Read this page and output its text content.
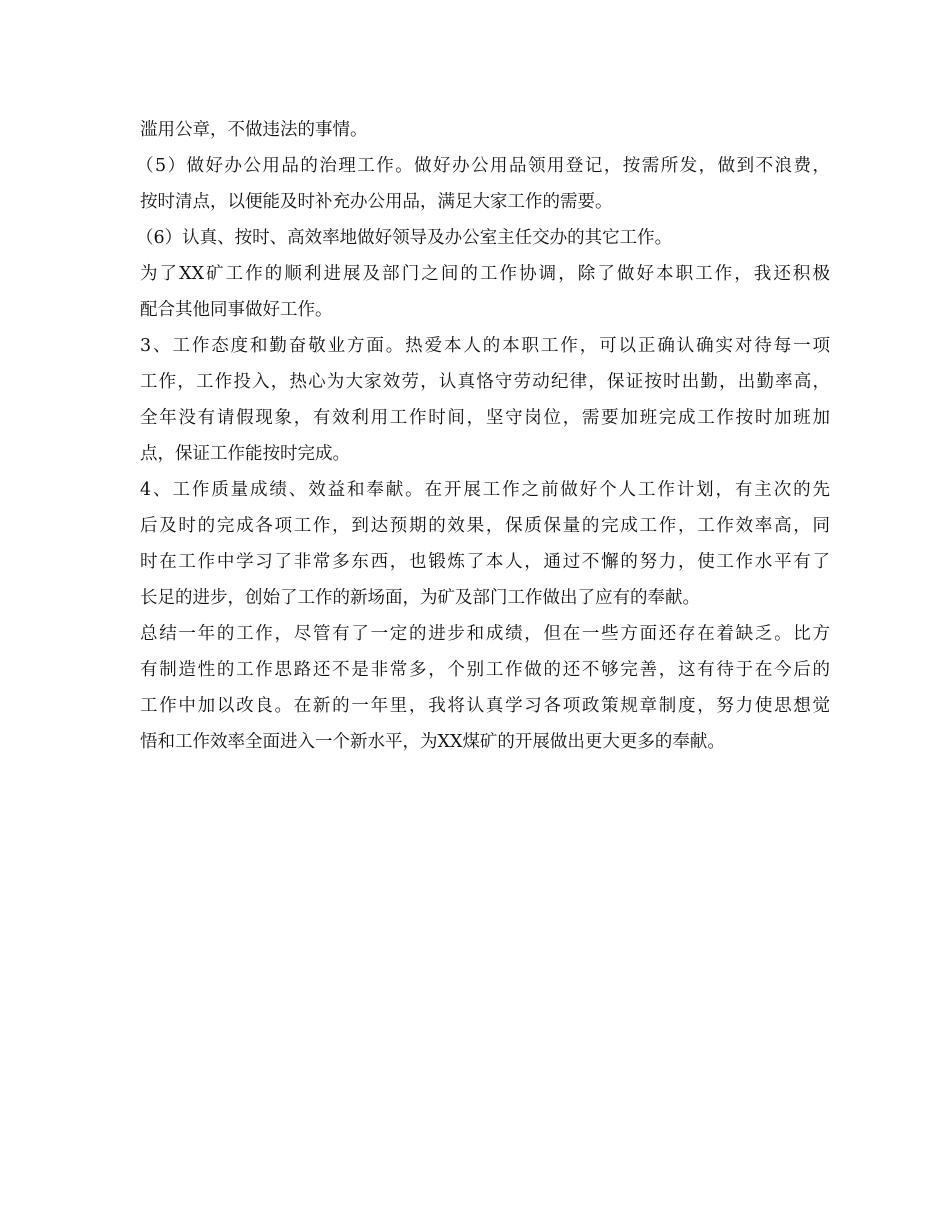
滥用公章，不做违法的事情。
（5）做好办公用品的治理工作。做好办公用品领用登记，按需所发，做到不浪费，
按时清点，以便能及时补充办公用品，满足大家工作的需要。
（6）认真、按时、高效率地做好领导及办公室主任交办的其它工作。
为了XX矿工作的顺利进展及部门之间的工作协调，除了做好本职工作，我还积极
配合其他同事做好工作。
3、工作态度和勤奋敬业方面。热爱本人的本职工作，可以正确认确实对待每一项
工作，工作投入，热心为大家效劳，认真恪守劳动纪律，保证按时出勤，出勤率高，
全年没有请假现象，有效利用工作时间，坚守岗位，需要加班完成工作按时加班加
点，保证工作能按时完成。
4、工作质量成绩、效益和奉献。在开展工作之前做好个人工作计划，有主次的先
后及时的完成各项工作，到达预期的效果，保质保量的完成工作，工作效率高，同
时在工作中学习了非常多东西，也锻炼了本人，通过不懈的努力，使工作水平有了
长足的进步，创始了工作的新场面，为矿及部门工作做出了应有的奉献。
总结一年的工作，尽管有了一定的进步和成绩，但在一些方面还存在着缺乏。比方
有制造性的工作思路还不是非常多，个别工作做的还不够完善，这有待于在今后的
工作中加以改良。在新的一年里，我将认真学习各项政策规章制度，努力使思想觉
悟和工作效率全面进入一个新水平，为XX煤矿的开展做出更大更多的奉献。
